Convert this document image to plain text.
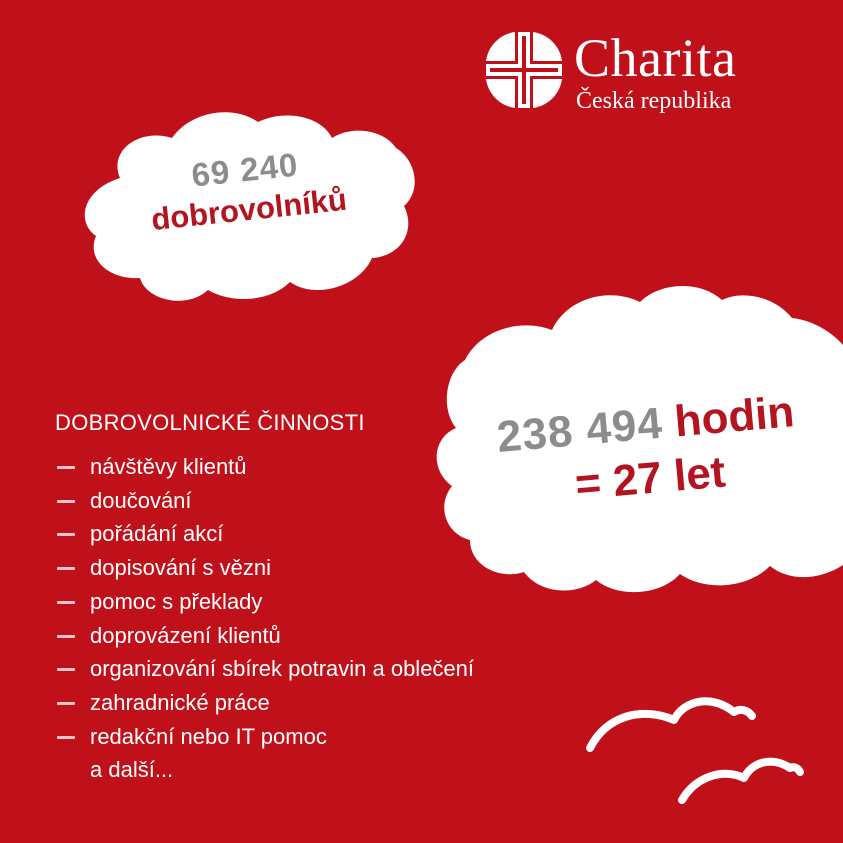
Charita
Česká republika
69 240
dobrovolníků
238 494 hodin
= 27 let
DOBROVOLNICKÉ ČINNOSTI
návštěvy klientů
doučování
pořádání akcí
dopisování s vězni
pomoc s překlady
doprovázení klientů
organizování sbírek potravin a oblečení
zahradnické práce
redakční nebo IT pomoc
a další...
